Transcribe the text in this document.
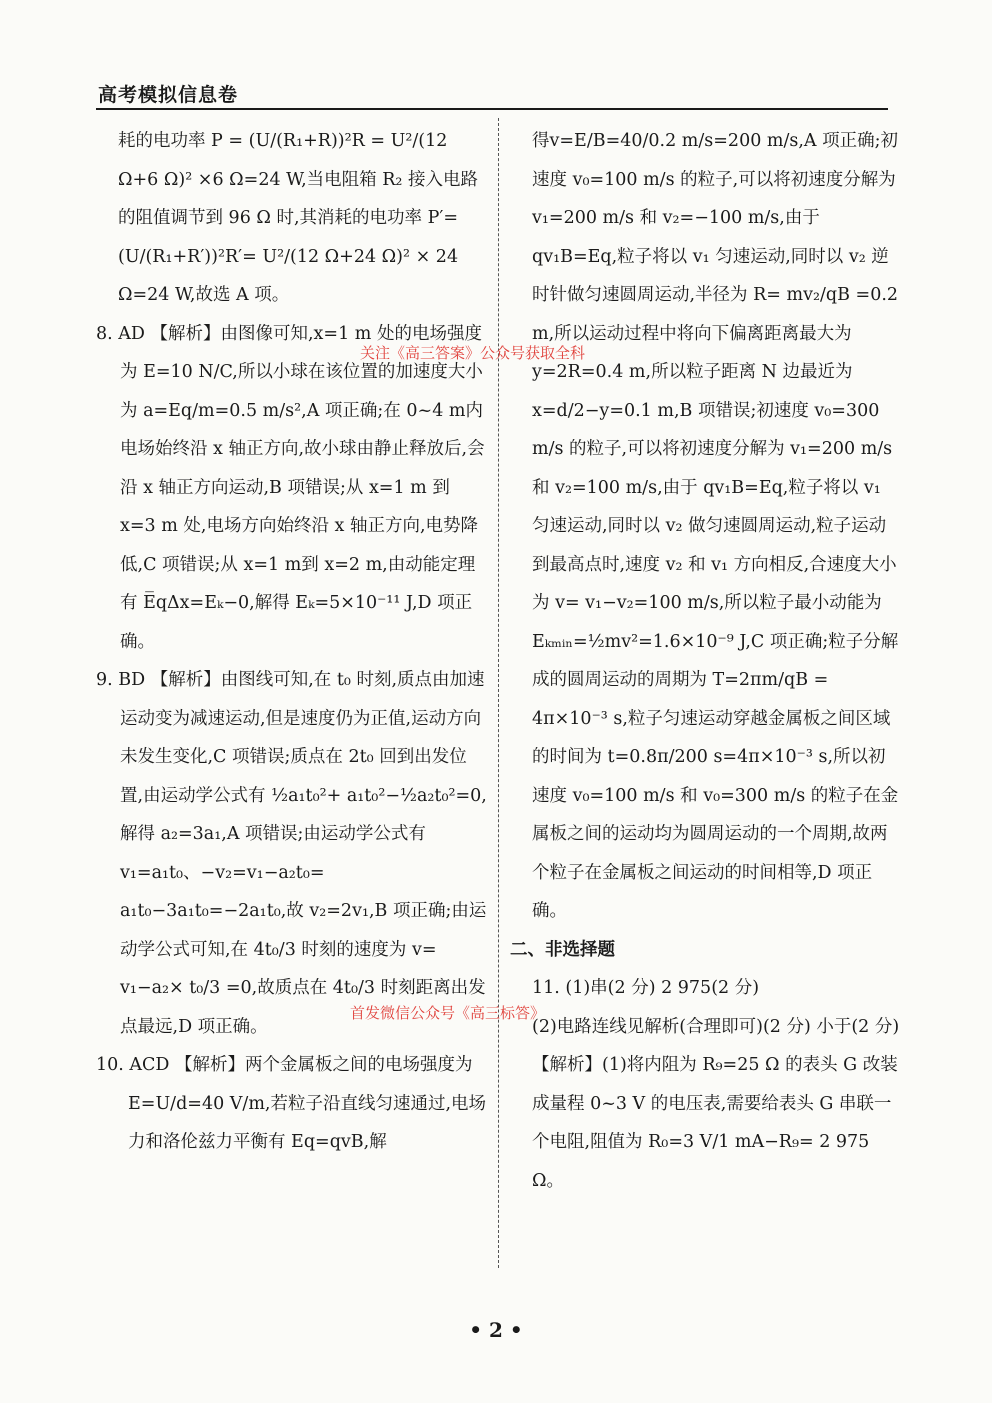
高考模拟信息卷

耗的电功率 P = (U/(R₁+R))²R = U²/(12 Ω+6 Ω)² ×6 Ω=24 W,当电阻箱 R₂ 接入电路的阻值调节到 96 Ω 时,其消耗的电功率 P′=(U/(R₁+R′))²R′= U²/(12 Ω+24 Ω)² × 24 Ω=24 W,故选 A 项。

8. AD 【解析】由图像可知,x=1 m 处的电场强度为 E=10 N/C,所以小球在该位置的加速度大小为 a=Eq/m=0.5 m/s²,A 项正确;在 0~4 m内电场始终沿 x 轴正方向,故小球由静止释放后,会沿 x 轴正方向运动,B 项错误;从 x=1 m 到 x=3 m 处,电场方向始终沿 x 轴正方向,电势降低,C 项错误;从 x=1 m到 x=2 m,由动能定理有 E̅qΔx=Eₖ−0,解得 Eₖ=5×10⁻¹¹ J,D 项正确。

9. BD 【解析】由图线可知,在 t₀ 时刻,质点由加速运动变为减速运动,但是速度仍为正值,运动方向未发生变化,C 项错误;质点在 2t₀ 回到出发位置,由运动学公式有 ½a₁t₀²+ a₁t₀²−½a₂t₀²=0,解得 a₂=3a₁,A 项错误;由运动学公式有 v₁=a₁t₀、−v₂=v₁−a₂t₀= a₁t₀−3a₁t₀=−2a₁t₀,故 v₂=2v₁,B 项正确;由运动学公式可知,在 4t₀/3 时刻的速度为 v= v₁−a₂× t₀/3 =0,故质点在 4t₀/3 时刻距离出发点最远,D 项正确。

10. ACD 【解析】两个金属板之间的电场强度为 E=U/d=40 V/m,若粒子沿直线匀速通过,电场力和洛伦兹力平衡有 Eq=qvB,解

得v=E/B=40/0.2 m/s=200 m/s,A 项正确;初速度 v₀=100 m/s 的粒子,可以将初速度分解为 v₁=200 m/s 和 v₂=−100 m/s,由于 qv₁B=Eq,粒子将以 v₁ 匀速运动,同时以 v₂ 逆时针做匀速圆周运动,半径为 R= mv₂/qB =0.2 m,所以运动过程中将向下偏离距离最大为 y=2R=0.4 m,所以粒子距离 N 边最近为 x=d/2−y=0.1 m,B 项错误;初速度 v₀=300 m/s 的粒子,可以将初速度分解为 v₁=200 m/s 和 v₂=100 m/s,由于 qv₁B=Eq,粒子将以 v₁ 匀速运动,同时以 v₂ 做匀速圆周运动,粒子运动到最高点时,速度 v₂ 和 v₁ 方向相反,合速度大小为 v= v₁−v₂=100 m/s,所以粒子最小动能为 Eₖₘᵢₙ=½mv²=1.6×10⁻⁹ J,C 项正确;粒子分解成的圆周运动的周期为 T=2πm/qB = 4π×10⁻³ s,粒子匀速运动穿越金属板之间区域的时间为 t=0.8π/200 s=4π×10⁻³ s,所以初速度 v₀=100 m/s 和 v₀=300 m/s 的粒子在金属板之间的运动均为圆周运动的一个周期,故两个粒子在金属板之间运动的时间相等,D 项正确。

二、非选择题

11. (1)串(2 分) 2 975(2 分)

(2)电路连线见解析(合理即可)(2 分) 小于(2 分)

【解析】(1)将内阻为 R₉=25 Ω 的表头 G 改装成量程 0~3 V 的电压表,需要给表头 G 串联一个电阻,阻值为 R₀=3 V/1 mA−R₉= 2 975 Ω。

关注《高三答案》公众号获取全科
首发微信公众号《高三标答》
• 2 •
